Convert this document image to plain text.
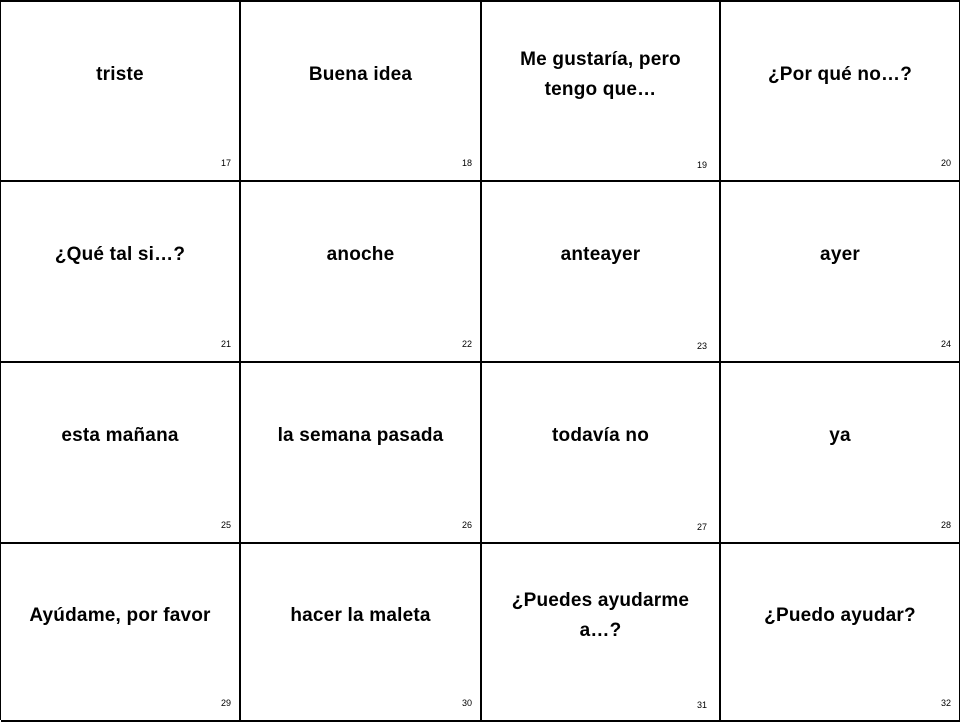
triste
17
Buena idea
18
Me gustaría, pero tengo que…
19
¿Por qué no…?
20
¿Qué tal si…?
21
anoche
22
anteayer
23
ayer
24
esta mañana
25
la semana pasada
26
todavía no
27
ya
28
Ayúdame, por favor
29
hacer la maleta
30
¿Puedes ayudarme a…?
31
¿Puedo ayudar?
32
